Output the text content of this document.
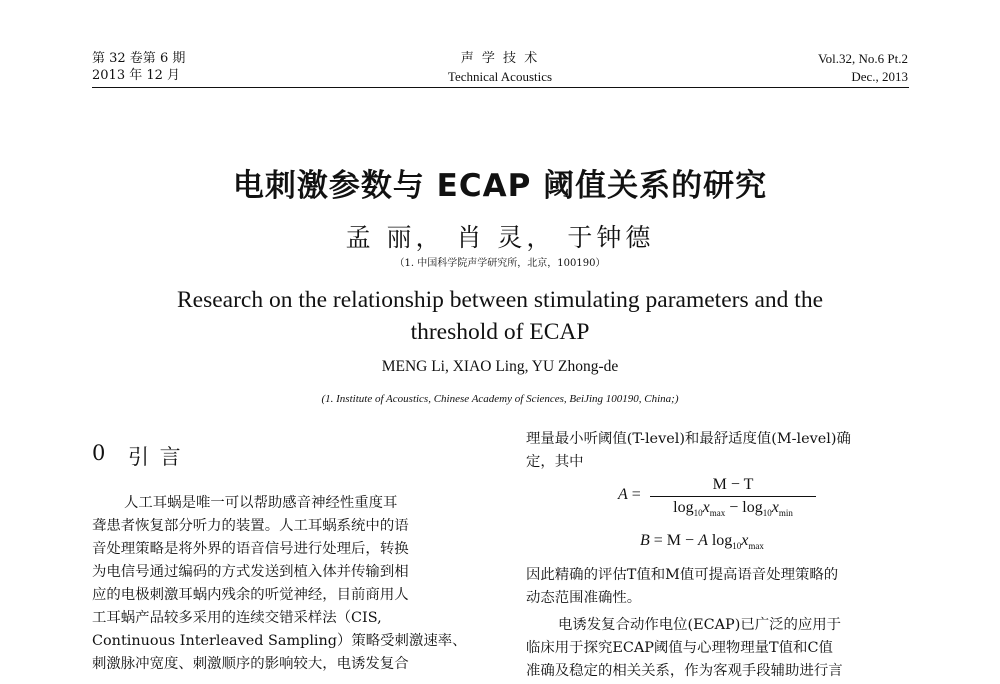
第 32 卷第 6 期
2013 年 12 月
声 学 技 术
Technical Acoustics
Vol.32, No.6 Pt.2
Dec., 2013
电刺激参数与 ECAP 阈值关系的研究
孟 丽， 肖 灵， 于钟德
（1. 中国科学院声学研究所，北京，100190）
Research on the relationship between stimulating parameters and the
threshold of ECAP
MENG Li, XIAO Ling, YU Zhong-de
(1. Institute of Acoustics, Chinese Academy of Sciences, BeiJing 100190, China;)
0 引 言
人工耳蜗是唯一可以帮助感音神经性重度耳
聋患者恢复部分听力的装置。人工耳蜗系统中的语
音处理策略是将外界的语音信号进行处理后，转换
为电信号通过编码的方式发送到植入体并传输到相
应的电极刺激耳蜗内残余的听觉神经，目前商用人
工耳蜗产品较多采用的连续交错采样法（CIS,
Continuous Interleaved Sampling）策略受刺激速率、
刺激脉冲宽度、刺激顺序的影响较大，电诱发复合
理量最小听阈值(T-level)和最舒适度值(M-level)确
定，其中
A =
M − T
$\log_{10}x_{max} - \log_{10}x_{min}$
B = M − A $\log_{10}x_{max}$
因此精确的评估T值和M值可提高语音处理策略的
动态范围准确性。
电诱发复合动作电位(ECAP)已广泛的应用于
临床用于探究ECAP阈值与心理物理量T值和C值
准确及稳定的相关关系，作为客观手段辅助进行言
